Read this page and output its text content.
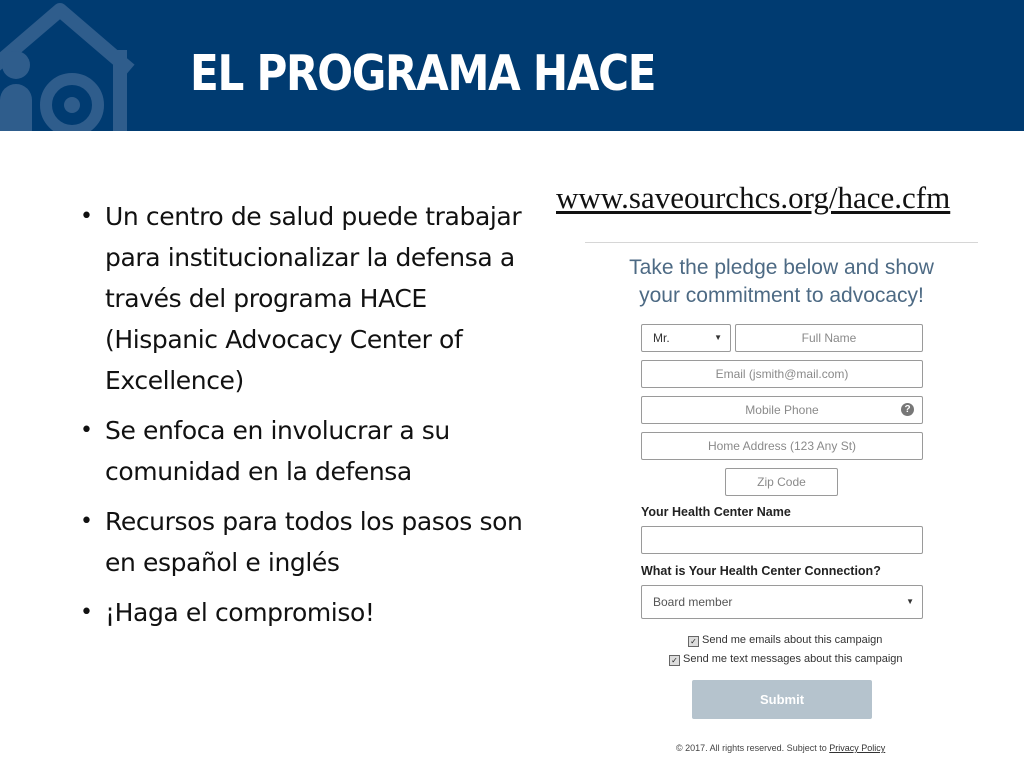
EL PROGRAMA HACE
www.saveourchcs.org/hace.cfm
• Un centro de salud puede trabajar para institucionalizar la defensa a través del programa HACE (Hispanic Advocacy Center of Excellence)
• Se enfoca en involucrar a su comunidad en la defensa
• Recursos para todos los pasos son en español e inglés
• ¡Haga el compromiso!
Take the pledge below and show
your commitment to advocacy!
Mr.	▼	Full Name
Email (jsmith@mail.com)
Mobile Phone	?
Home Address (123 Any St)
Zip Code
Your Health Center Name
What is Your Health Center Connection?
Board member	▼
✓ Send me emails about this campaign
✓ Send me text messages about this campaign
Submit
© 2017. All rights reserved. Subject to Privacy Policy
